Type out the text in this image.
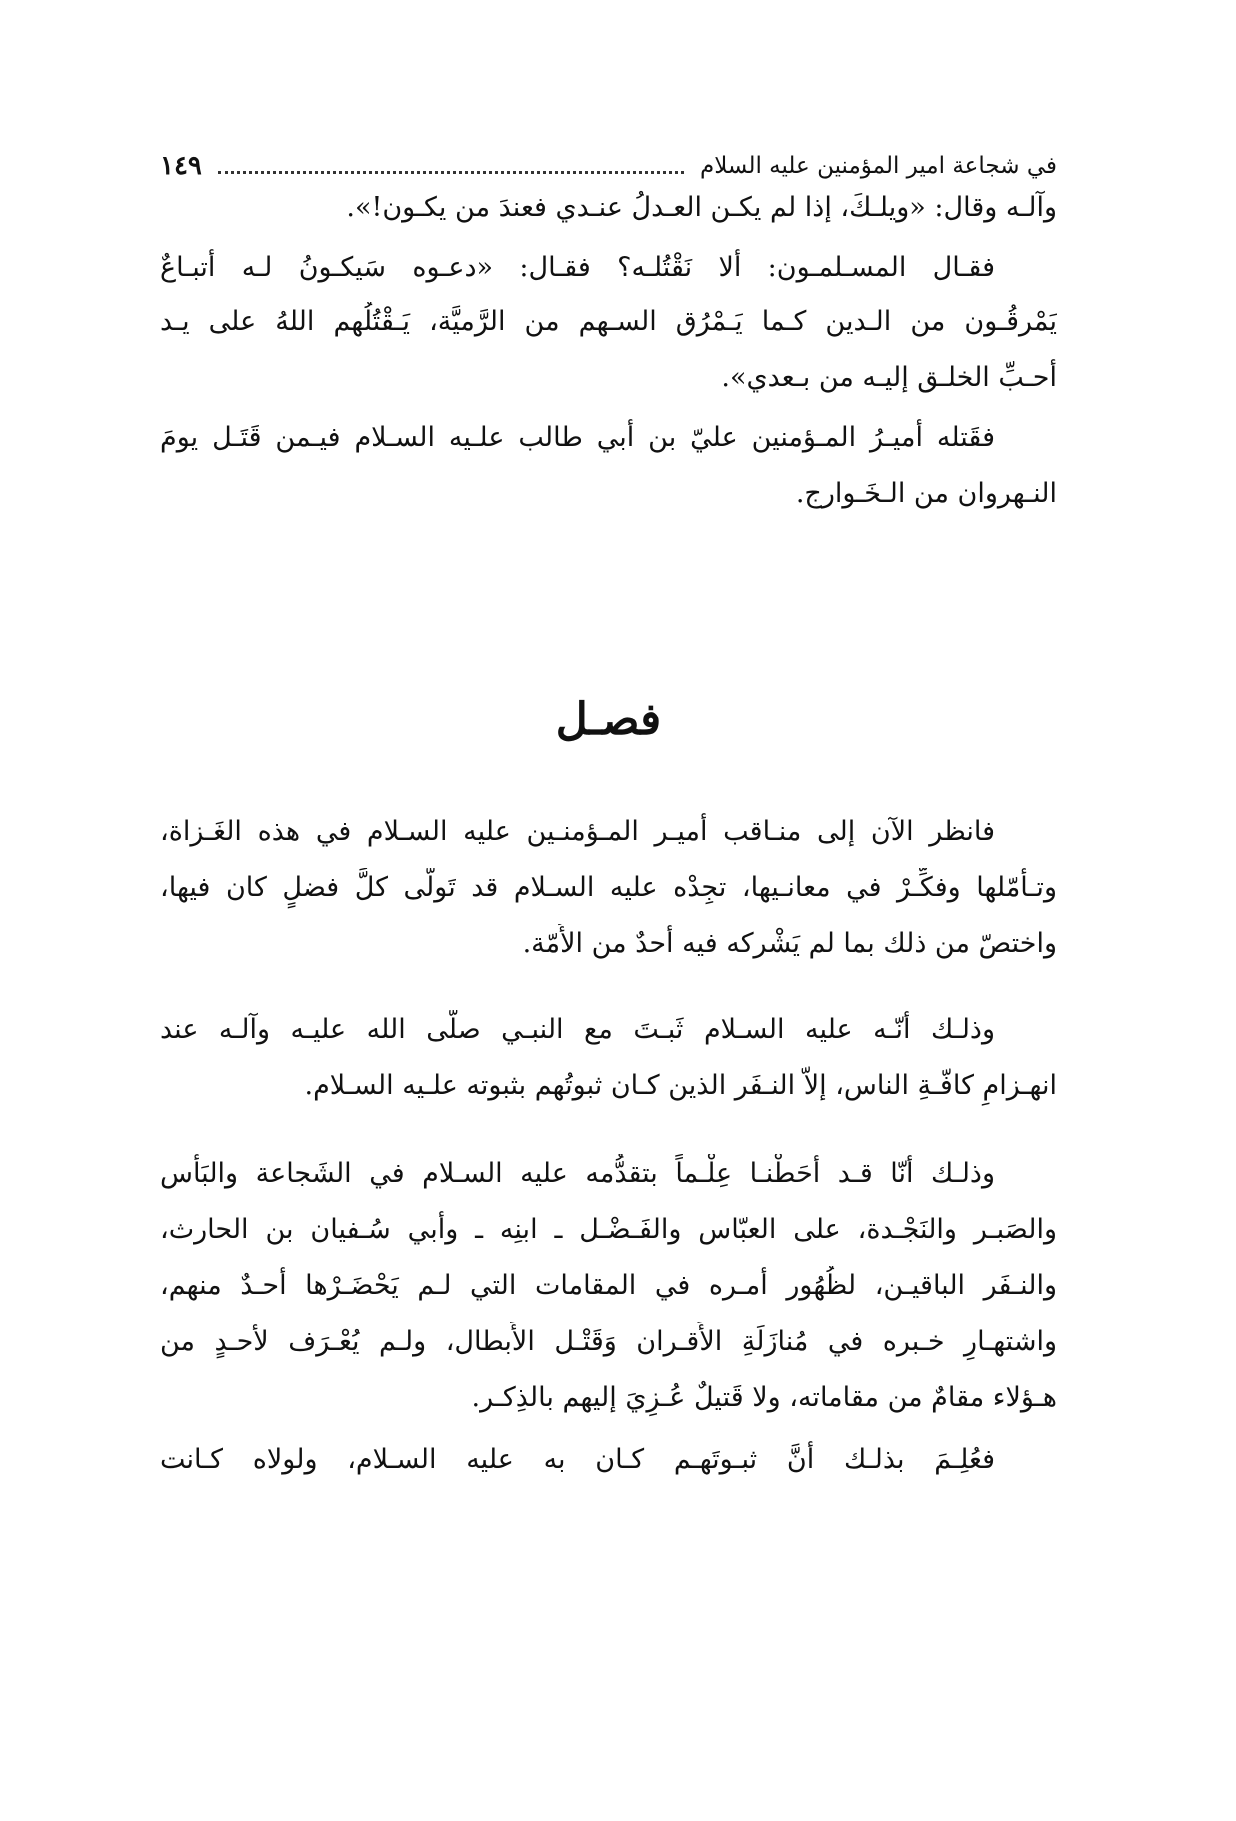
في شجاعة امير المؤمنين عليه السلام
١٤٩
وآلـه وقال: «ويلـكَ، إذا لم يكـن العـدلُ عنـدي فعندَ من يكـون!».
فقـال المسـلمـون: ألا نَقْتُلـه؟ فقـال: «دعـوه سَيكـونُ لـه أتبـاعٌ
يَمْرقُـون من الـدين كـما يَـمْرُق السـهم من الرَّميَّة، يَـقْتُلُهم اللهُ على يـد
أحـبِّ الخلـق إليـه من بـعدي».
فقَتله أميـرُ المـؤمنين عليّ بن أبي طالب علـيه السـلام فيـمن قَتَـل يومَ
النـهروان من الـخَـوارج.
فصـل
فانظر الآن إلى منـاقب أميـر المـؤمنـين عليه السـلام في هذه الغَـزاة،
وتـأمّلها وفكِّـرْ في معانـيها، تجِدْه عليه السـلام قد تَولّى كلَّ فضلٍ كان فيها،
واختصّ من ذلك بما لم يَشْركه فيه أحدٌ من الأُمّة.
وذلـك أنّـه عليه السـلام ثَبـتَ مع النبـي صلّى الله عليـه وآلـه عند
انهـزامِ كافّـةِ الناس، إلاّ النـفَر الذين كـان ثبوتُهم بثبوته علـيه السـلام.
وذلـك أنّا قـد أحَطْنـا عِلْـماً بتقدُّمه عليه السـلام في الشَجاعة والبَأْس
والصَبـر والنَجْـدة، على العبّاس والفَـضْـل ـ ابنِه ـ وأبي سُـفيان بن الحارث،
والنـفَر الباقيـن، لظُهُور أمـره في المقامات التي لـم يَحْضَـرْها أحـدٌ منهم،
واشتهـارِ خـبره في مُنازَلَةِ الأَقـران وَقَتْـل الأَبطال، ولـم يُعْـرَف لأحـدٍ من
هـؤلاء مقامٌ من مقاماته، ولا قَتيلٌ عُـزِيَ إليهم بالذِكـر.
فعُلِـمَ بذلـك أنَّ ثبـوتَهـم كـان به عليه السـلام، ولولاه كـانت
